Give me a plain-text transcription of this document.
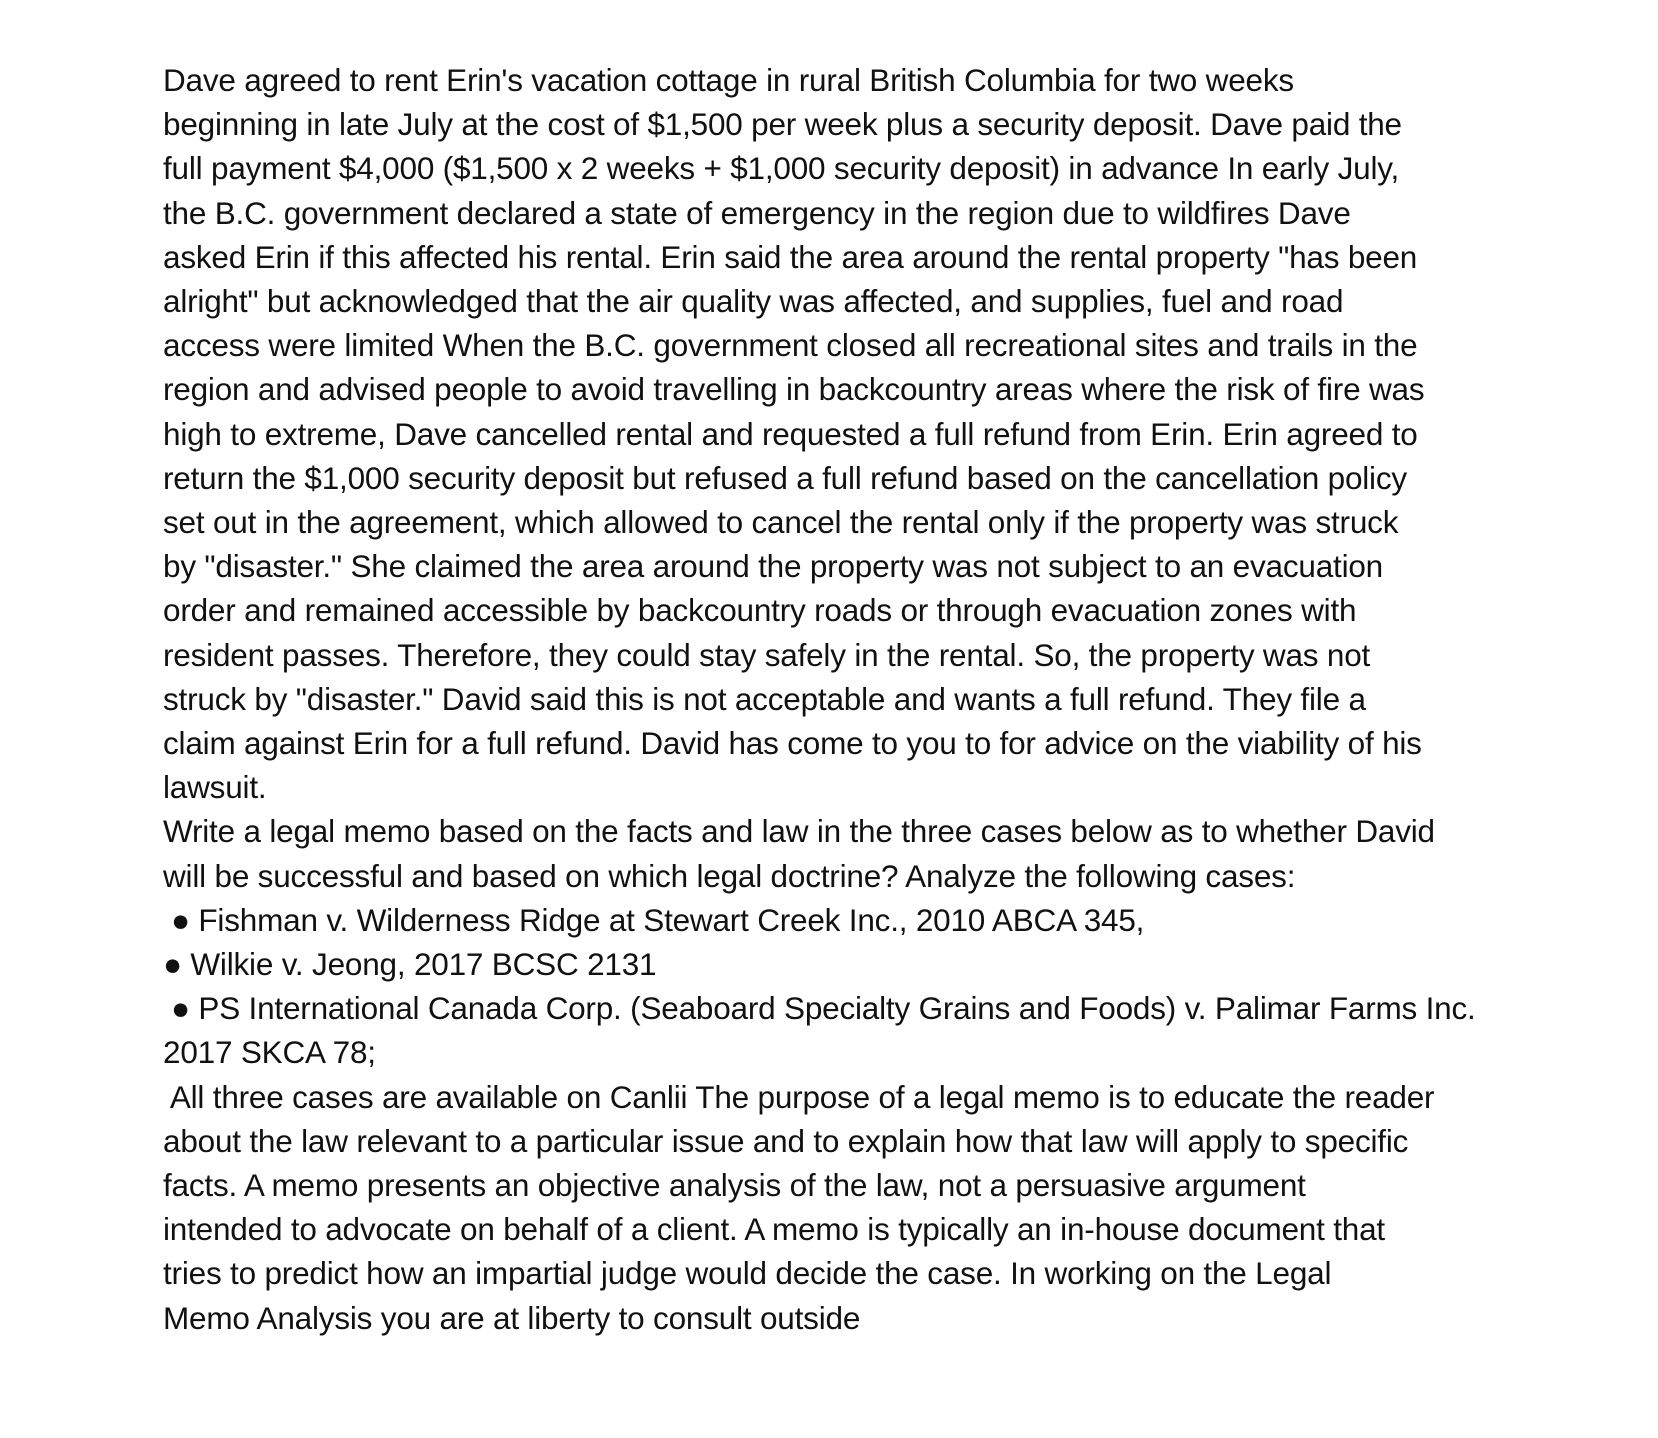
Dave agreed to rent Erin's vacation cottage in rural British Columbia for two weeks
beginning in late July at the cost of $1,500 per week plus a security deposit. Dave paid the
full payment $4,000 ($1,500 x 2 weeks + $1,000 security deposit) in advance In early July,
the B.C. government declared a state of emergency in the region due to wildfires Dave
asked Erin if this affected his rental. Erin said the area around the rental property "has been
alright" but acknowledged that the air quality was affected, and supplies, fuel and road
access were limited When the B.C. government closed all recreational sites and trails in the
region and advised people to avoid travelling in backcountry areas where the risk of fire was
high to extreme, Dave cancelled rental and requested a full refund from Erin. Erin agreed to
return the $1,000 security deposit but refused a full refund based on the cancellation policy
set out in the agreement, which allowed to cancel the rental only if the property was struck
by "disaster." She claimed the area around the property was not subject to an evacuation
order and remained accessible by backcountry roads or through evacuation zones with
resident passes. Therefore, they could stay safely in the rental. So, the property was not
struck by "disaster." David said this is not acceptable and wants a full refund. They file a
claim against Erin for a full refund. David has come to you to for advice on the viability of his
lawsuit.

Write a legal memo based on the facts and law in the three cases below as to whether David
will be successful and based on which legal doctrine? Analyze the following cases:

● Fishman v. Wilderness Ridge at Stewart Creek Inc., 2010 ABCA 345,
● Wilkie v. Jeong, 2017 BCSC 2131
● PS International Canada Corp. (Seaboard Specialty Grains and Foods) v. Palimar Farms Inc.
2017 SKCA 78;

All three cases are available on Canlii The purpose of a legal memo is to educate the reader
about the law relevant to a particular issue and to explain how that law will apply to specific
facts. A memo presents an objective analysis of the law, not a persuasive argument
intended to advocate on behalf of a client. A memo is typically an in-house document that
tries to predict how an impartial judge would decide the case. In working on the Legal
Memo Analysis you are at liberty to consult outside
